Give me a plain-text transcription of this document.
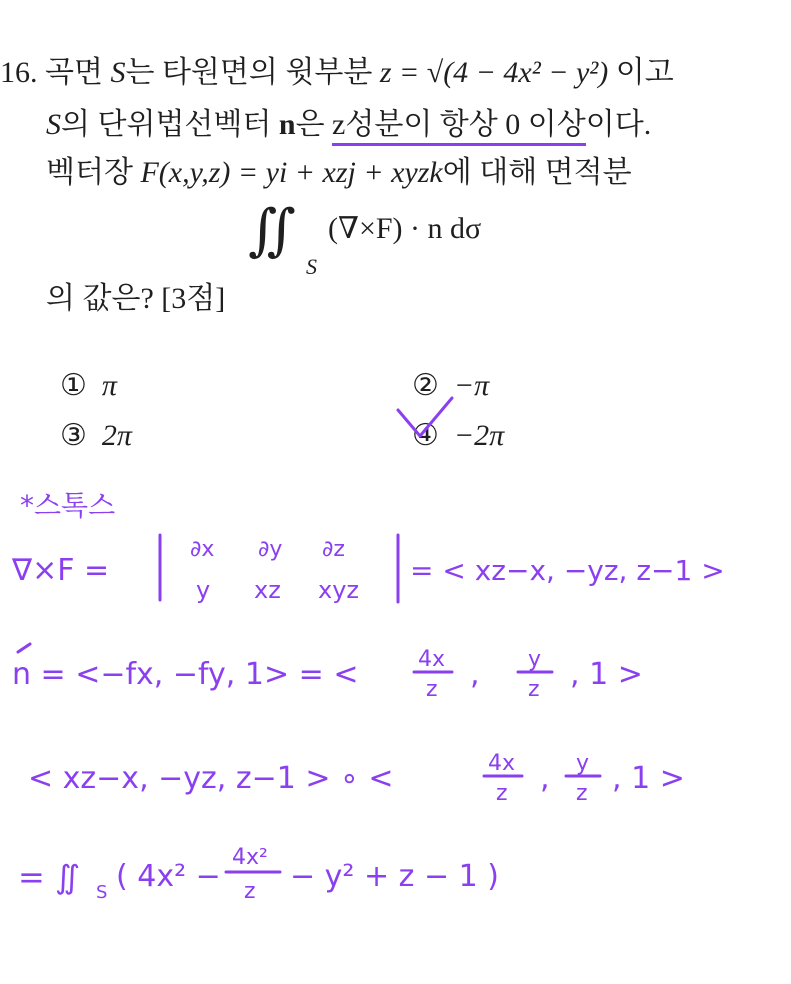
16. 곡면 S는 타원면의 윗부분 z = √(4 − 4x² − y²) 이고
S의 단위법선벡터 n은 z성분이 항상 0 이상이다.
벡터장 F(x,y,z) = yi + xzj + xyzk에 대해 면적분
∬
S
(∇×F) · n dσ
의 값은? [3점]
① π	② −π
③ 2π	④ −2π
*스톡스
∇×F =
∂x ∂y ∂z
y xz xyz
= < xz−x, −yz, z−1 >
n = <−fx, −fy, 1> = <	4x
z , y
z , 1 >
< xz−x, −yz, z−1 > ∘ <	4x
z , y
z , 1 >
= ∬ S ( 4x² −
4x²
z − y² + z − 1 )
